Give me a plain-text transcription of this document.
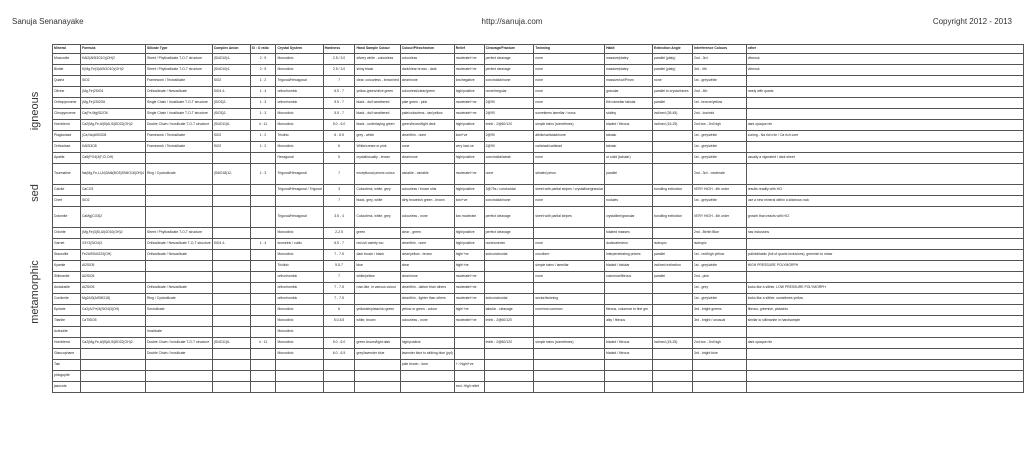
Sanuja Senanayake	http://sanuja.com	Copyright 2012 - 2013
igneous
sed
metamorphic
Mineral	Formula	Silicate Type	Complex Anion	Si : O ratio	Crystal System	Hardness	Hand Sample Colour	Colour/Pleochroism	Relief	Cleavage/Fracture	Twinning	Habit	Extinction Angle	Interference Colours	other
Muscovite	KAl2(AlSi3O10)(OH)2	Sheet / Phyllosilicate T-O-T structure	(Si4O10)4-	2 : 5	Monoclinic	2.5 / 3.0	silvery white - colourless	colourless	moderate/+ve	perfect cleavage	none	massive/platey	parallel (platy)	2nd - 3rd	vitreous
Biotite	K(Mg,Fe)3(AlSi3O10)(OH)2	Sheet / Phyllosilicate T-O-T structure	(Si4O10)4-	2 : 5	Monoclinic	2.5 / 3.0	shiny black	dark/clear brown - dark	moderate/+ve	perfect cleavage	none	massive/platey	parallel (platy)	3rd - 4th	vitreous
Quartz	SiO2	Framework / Tectosilicate	SiO2	1 : 2	Trigonal/Hexagonal	7	clear, colourless - brown/red	clear/none	low/negative	conchoidal/none	none	massive/cut/Prism	none	1st - grey/white	
Olivine	(Mg,Fe)2SiO4	Orthosilicate / Nesosilicate	SiO4 4-	1 : 4	orthorhombic	6.5 - 7	yellow-green/olive green	colourless/clear/green	high/positive	none/irregular	none	granular	parallel to crystal faces	2nd - 4th	rarely with quartz
Orthopyroxene	(Mg,Fe)2Si2O6	Single Chain / Inosilicate T-O-T structure	(SiO3)2-	1 : 3	orthorhombic	5.5 - 7	black - dull weathered	pale green - pink	moderate/+ve	2@90	none	thin lamellar tabular	parallel	1st - bronze/yellow	
Clinopyroxene	Ca(Fe,Mg)Si2O6	Single Chain / Inosilicate T-O-T structure	(SiO3)2-	1 : 3	Monoclinic	5.5 - 7	black - dull weathered	pale/colourless - tan/yellow	moderate/+ve	2@90	sometimes lamellar / cross	stubby	inclined (35-45)	2nd - low/mid	
Hornblend	Ca2(Mg,Fe,Al)5(Al,Si)8O22(OH)2	Double Chain / Inosilicate T-O-T structure	(Si4O11)6-	4 : 11	Monoclinic	5.0 - 6.0	black - underlaying green	green/brown/light dark	high/positive	tmhb - 2@60/120	simple twins (sometimes)	bladed / fibrous	inclined (15-25)	2nd low - 3rd high	dark opaque rim
Plagioclase	(Ca,Na)AlSi3O8	Framework / Tectosilicate	SiO2	1 : 2	Triclinic	6 - 6.5	grey - white	clear/thin - none	low/+ve	2@90	albite/carlsbad/none	tabular		1st - grey/white	zoning - Na rich rim / Ca rich core
Orthoclase	KAlSi3O8	Framework / Tectosilicate	SiO2	1 : 2	Monoclinic	6	White/cream or pink	none	very low/-ve	2@90	carlsbad/carlsbad	tabular		1st - grey/white	
Apatite	Ca5(PO4)3(F,Cl,OH)				Hexagonal	5	crystal/usually - brown	clear/none	high/positive	conchoidal/weak	none	or solid (tabular)		1st - grey/white	usually a vigorated / dark sheet
Tourmaline	Na(Mg,Fe,Li,Al)3Al6(BO3)3Si6O18(OH)4	Ring / Cyclosilicate	(Si6O18)12-	1 : 3	Trigonal/Hexagonal	7	exceptional prisms colour	variable - variable	moderate/+ve	none	striated prism	parallel		2nd - 3rd - moderate	
Calcite	CaCO3				Trigonal/Hexagonal / Trigonal	3	Colourless, white, grey	colourless / brown shts	high/positive	3@75s / conchoidal	sheet with partial stripes / crystalline/granular		bundling extinction	VERY HIGH - 4th order	results readily with HCl
Chert	SiO2					7	black, grey, white	dirty brownish green - brown	low/+ve	conchoidal/none	none	nodules		1st - grey/white	use a new mineral within a siliceous rock
Dolomite	CaMg(CO3)2				Trigonal/Hexagonal	3.5 - 4	Colourless, white, grey	colourless - none	low moderate	perfect cleavage	sheet with partial stripes	crystalline/granular	bundling extinction	VERY HIGH - 4th order	growth than reacts with HCl
Chlorite	(Mg,Fe)3(Si,Al)4O10(OH)2	Sheet / Phyllosilicate T-O-T structure			Monoclinic	2-2.5	green	clear - green	high/positive	perfect cleavage		foliated masses		2nd - Berlin Blue	has inclusions
Garnet	X3Y2(SiO4)3	Orthosilicate / Nesosilicate T-O-T structure	SiO4 4-	1 : 4	Isometric / cubic	6.5 - 7	red-ish variety too	clear/thin - none	high/positive	none/uneven	none	dodecahedron	isotropic	isotropic	
Staurolite	Fe2Al9Si4O23(OH)	Orthosilicate / Nesosilicate			Monoclinic	7 - 7.5	dark brown / black	clear/yellow - brown	high/+ve	subconchoidal	cruciform	interpenetrating prisms	parallel	1st - red/high yellow	poikiloblastic (full of quartz inclusions), greenish to straw
Kyanite	Al2SiO5				Triclinic	5.5-7	blue	clear	high/+ve		simple twins / lamellar	bladed / tabular	inclined extinction	1st - grey/white	HIGH PRESSURE POLYMORPH
Sillimanite	Al2SiO5				orthorhombic	7	white/yellow	clear/none	moderate/+ve		none	columnar/fibrous	parallel	2nd - pink	
Andalusite	Al2SiO5	Orthosilicate / Nesosilicate			orthorhombic	7 - 7.5	rose-like, in various colour	clear/thin - darker than others	moderate/+ve					1st - grey	looks like a slither, LOW PRESSURE POLYMORPH
Cordierite	Mg2Al3(AlSi5O18)	Ring / Cyclosilicate			orthorhombic	7 - 7.5		clear/thin - lighter than others	moderate/+ve	subconchoidal	sector/twinning			1st - grey/white	looks like a slither, sometimes yellow
Epidote	Ca2(Al,Fe)3(SiO4)3(OH)	Sorosilicate			Monoclinic	6	yellowish/pistachio green	yellow or green - colour	high/+ve	tabular - cleavage	none/not common	fibrous, columnar to fine grn		3rd - bright greens	fibrous, greenish, pistachio
Titanite	CaTiSiO5				Monoclinic	5.0-5.5	white, brown	colourless - none	moderate/+ve	tmhb - 2@60/120		alky / fibrous		3rd - bright / unusual	similar to sillimanite in handsample
Actinolite		Inosilicate			Monoclinic										
Hornblend	Ca2(Mg,Fe,Al)5(Al,Si)8O22(OH)2	Double Chain / Inosilicate T-O-T structure	(Si4O11)6-	4 : 11	Monoclinic	5.0 - 6.0	green-brown/light dark	high/positive		tmhb - 2@60/120	simple twins (sometimes)	bladed / fibrous	inclined (15-25)	2nd low - 3rd high	dark opaque rim
Glaucophane		Double Chain / Inosilicate			Monoclinic	6.0 - 6.5	grey/lavender blue	lavender blue to striking blue (ppl)				bladed / fibrous		3rd - bright blue	
Talc								pale brown - tone	+ / high/+ve						
phlogopite															
jasovote									excl. High relief						
